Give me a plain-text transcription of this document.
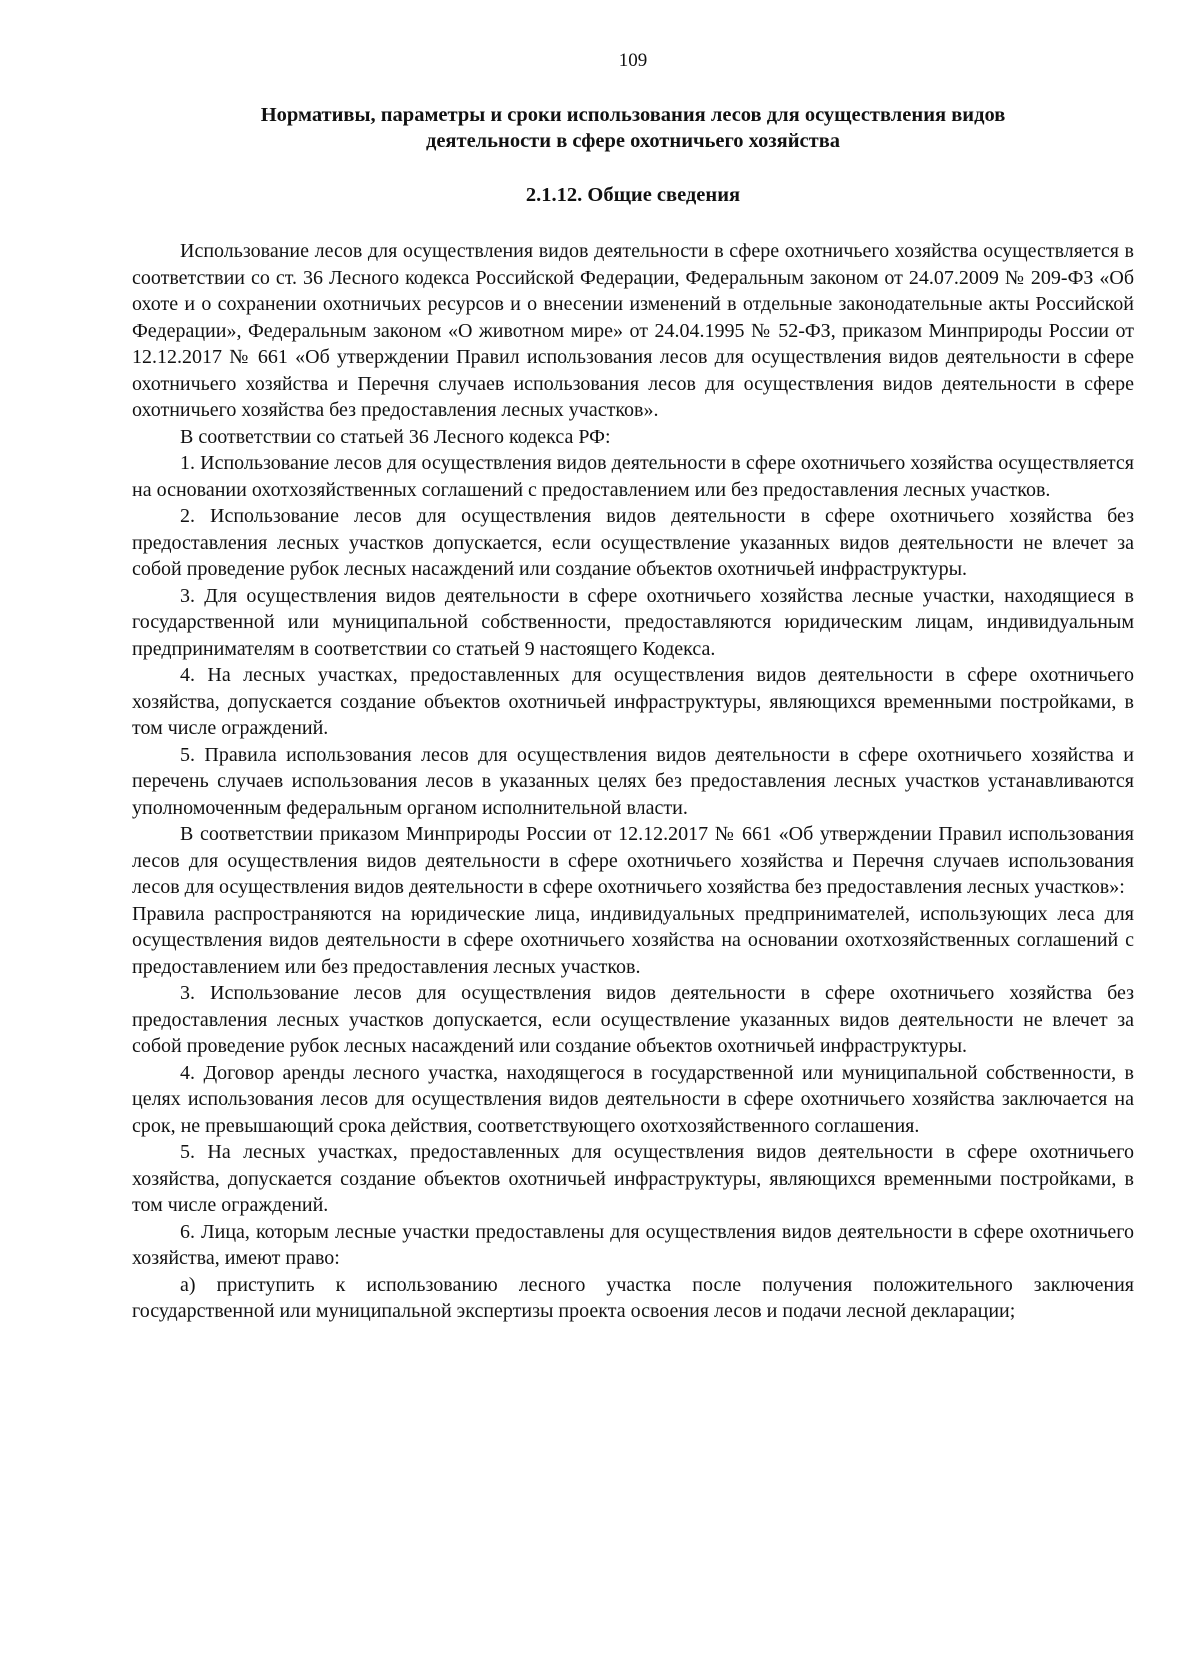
109
Нормативы, параметры и сроки использования лесов для осуществления видов
деятельности в сфере охотничьего хозяйства
2.1.12. Общие сведения

Использование лесов для осуществления видов деятельности в сфере охотничьего хозяйства осуществляется в соответствии со ст. 36 Лесного кодекса Российской Федерации, Федеральным законом от 24.07.2009 № 209-ФЗ «Об охоте и о сохранении охотничьих ресурсов и о внесении изменений в отдельные законодательные акты Российской Федерации», Федеральным законом «О животном мире» от 24.04.1995 № 52-ФЗ, приказом Минприроды России от 12.12.2017 № 661 «Об утверждении Правил использования лесов для осуществления видов деятельности в сфере охотничьего хозяйства и Перечня случаев использования лесов для осуществления видов деятельности в сфере охотничьего хозяйства без предоставления лесных участков».

В соответствии со статьей 36 Лесного кодекса РФ:

1. Использование лесов для осуществления видов деятельности в сфере охотничьего хозяйства осуществляется на основании охотхозяйственных соглашений с предоставлением или без предоставления лесных участков.

2. Использование лесов для осуществления видов деятельности в сфере охотничьего хозяйства без предоставления лесных участков допускается, если осуществление указанных видов деятельности не влечет за собой проведение рубок лесных насаждений или создание объектов охотничьей инфраструктуры.

3. Для осуществления видов деятельности в сфере охотничьего хозяйства лесные участки, находящиеся в государственной или муниципальной собственности, предоставляются юридическим лицам, индивидуальным предпринимателям в соответствии со статьей 9 настоящего Кодекса.

4. На лесных участках, предоставленных для осуществления видов деятельности в сфере охотничьего хозяйства, допускается создание объектов охотничьей инфраструктуры, являющихся временными постройками, в том числе ограждений.

5. Правила использования лесов для осуществления видов деятельности в сфере охотничьего хозяйства и перечень случаев использования лесов в указанных целях без предоставления лесных участков устанавливаются уполномоченным федеральным органом исполнительной власти.

В соответствии приказом Минприроды России от 12.12.2017 № 661 «Об утверждении Правил использования лесов для осуществления видов деятельности в сфере охотничьего хозяйства и Перечня случаев использования лесов для осуществления видов деятельности в сфере охотничьего хозяйства без предоставления лесных участков»:

Правила распространяются на юридические лица, индивидуальных предпринимателей, использующих леса для осуществления видов деятельности в сфере охотничьего хозяйства на основании охотхозяйственных соглашений с предоставлением или без предоставления лесных участков.

3. Использование лесов для осуществления видов деятельности в сфере охотничьего хозяйства без предоставления лесных участков допускается, если осуществление указанных видов деятельности не влечет за собой проведение рубок лесных насаждений или создание объектов охотничьей инфраструктуры.

4. Договор аренды лесного участка, находящегося в государственной или муниципальной собственности, в целях использования лесов для осуществления видов деятельности в сфере охотничьего хозяйства заключается на срок, не превышающий срока действия, соответствующего охотхозяйственного соглашения.

5. На лесных участках, предоставленных для осуществления видов деятельности в сфере охотничьего хозяйства, допускается создание объектов охотничьей инфраструктуры, являющихся временными постройками, в том числе ограждений.

6. Лица, которым лесные участки предоставлены для осуществления видов деятельности в сфере охотничьего хозяйства, имеют право:

а) приступить к использованию лесного участка после получения положительного заключения государственной или муниципальной экспертизы проекта освоения лесов и подачи лесной декларации;
